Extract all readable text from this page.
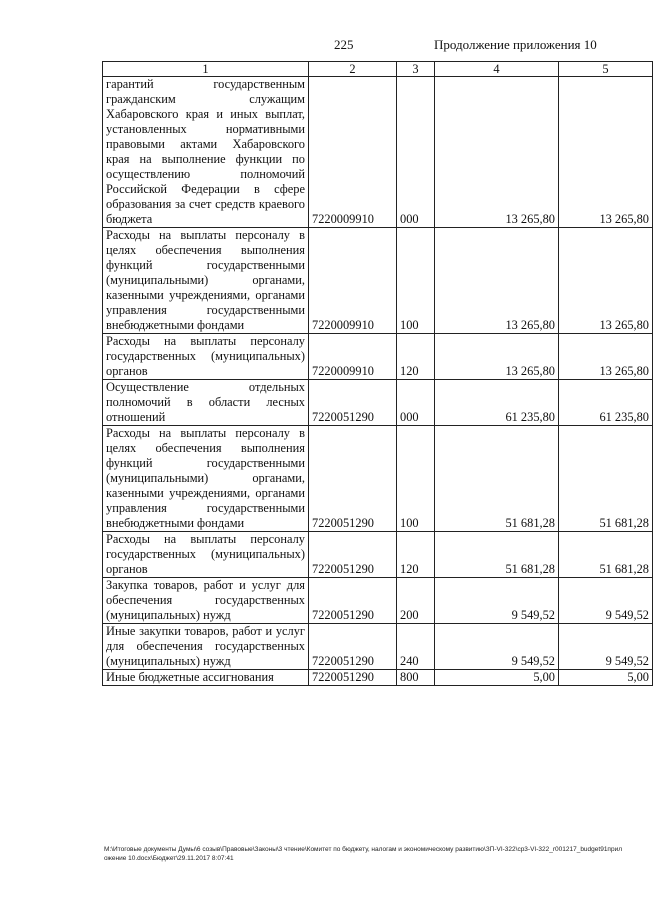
225	Продолжение приложения 10
1	2	3	4	5
гарантий государственным гражданским служащим Хабаровского края и иных выплат, установленных нормативными правовыми актами Хабаровского края на выполнение функции по осуществлению полномочий Российской Федерации в сфере образования за счет средств краевого бюджета	7220009910	000	13 265,80	13 265,80
Расходы на выплаты персоналу в целях обеспечения выполнения функций государственными (муниципальными) органами, казенными учреждениями, органами управления государственными внебюджетными фондами	7220009910	100	13 265,80	13 265,80
Расходы на выплаты персоналу государственных (муниципальных) органов	7220009910	120	13 265,80	13 265,80
Осуществление отдельных полномочий в области лесных отношений	7220051290	000	61 235,80	61 235,80
Расходы на выплаты персоналу в целях обеспечения выполнения функций государственными (муниципальными) органами, казенными учреждениями, органами управления государственными внебюджетными фондами	7220051290	100	51 681,28	51 681,28
Расходы на выплаты персоналу государственных (муниципальных) органов	7220051290	120	51 681,28	51 681,28
Закупка товаров, работ и услуг для обеспечения государственных (муниципальных) нужд	7220051290	200	9 549,52	9 549,52
Иные закупки товаров, работ и услуг для обеспечения государственных (муниципальных) нужд	7220051290	240	9 549,52	9 549,52
Иные бюджетные ассигнования	7220051290	800	5,00	5,00
M:\Итоговые документы Думы\6 созыв\Правовые\Законы\3 чтение\Комитет по бюджету, налогам и экономическому развитию\ЗП-VI-322\ср3-VI-322_r001217_budget91приложение 10.docx\Бюджет\29.11.2017 8:07:41
